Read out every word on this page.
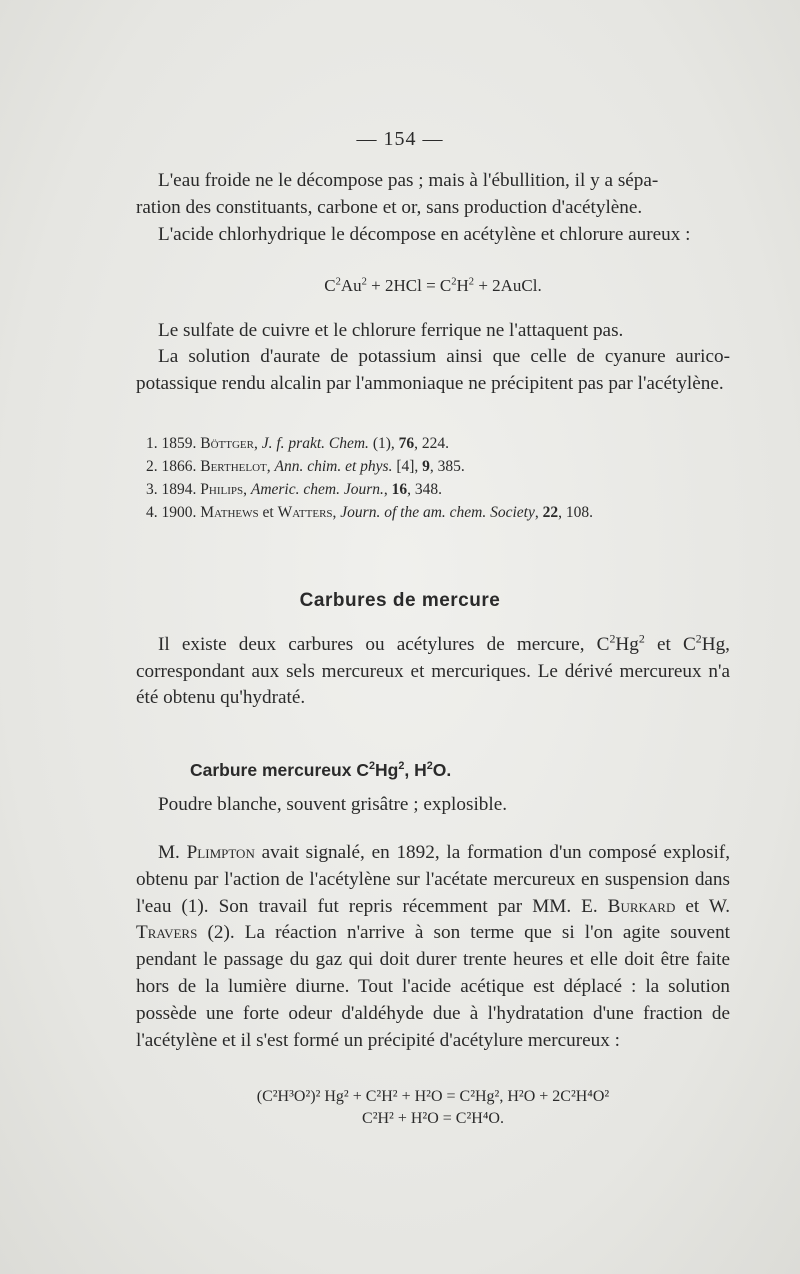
— 154 —

L'eau froide ne le décompose pas ; mais à l'ébullition, il y a sépa-

ration des constituants, carbone et or, sans production d'acétylène.

L'acide chlorhydrique le décompose en acétylène et chlorure aureux :

$C^2Au^2 + 2HCl = C^2H^2$ + 2AuCl.

Le sulfate de cuivre et le chlorure ferrique ne l'attaquent pas.

La solution d'aurate de potassium ainsi que celle de cyanure aurico-potassique rendu alcalin par l'ammoniaque ne précipitent pas par l'acétylène.

1. 1859. Böttger, J. f. prakt. Chem. (1), 76, 224.

2. 1866. Berthelot, Ann. chim. et phys. [4], 9, 385.

3. 1894. Philips, Americ. chem. Journ., 16, 348.

4. 1900. Mathews et Watters, Journ. of the am. chem. Society, 22, 108.

Carbures de mercure

Il existe deux carbures ou acétylures de mercure, $C^2Hg^2$ et $C^2Hg$, correspondant aux sels mercureux et mercuriques. Le dérivé mercureux n'a été obtenu qu'hydraté.

Carbure mercureux $C^2Hg^2$, $H^2O$.

Poudre blanche, souvent grisâtre ; explosible.

M. Plimpton avait signalé, en 1892, la formation d'un composé explosif, obtenu par l'action de l'acétylène sur l'acétate mercureux en suspension dans l'eau (1). Son travail fut repris récemment par MM. E. Burkard et W. Travers (2). La réaction n'arrive à son terme que si l'on agite souvent pendant le passage du gaz qui doit durer trente heures et elle doit être faite hors de la lumière diurne. Tout l'acide acétique est déplacé : la solution possède une forte odeur d'aldéhyde due à l'hydratation d'une fraction de l'acétylène et il s'est formé un précipité d'acétylure mercureux :

(C²H³O²)² Hg² + C²H² + H²O = C²Hg², H²O + 2C²H⁴O²
C²H² + H²O = C²H⁴O.
